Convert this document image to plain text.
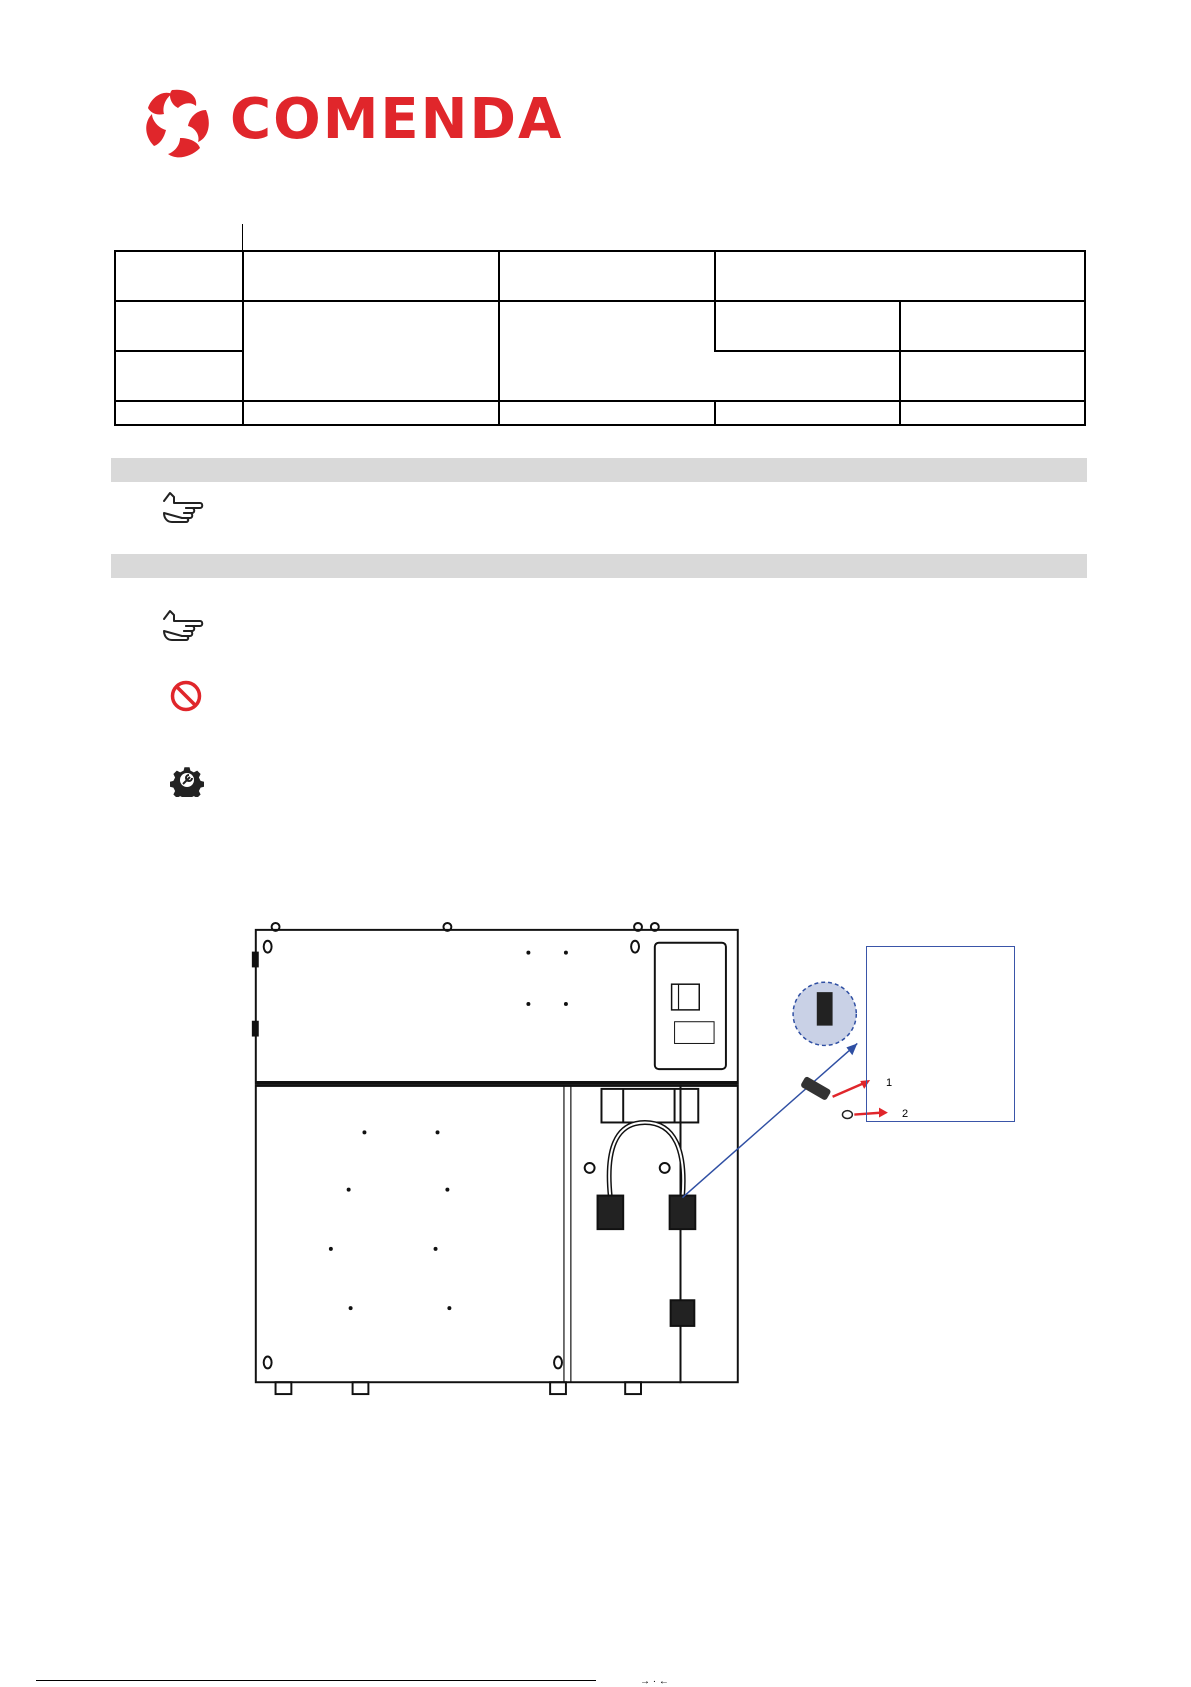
COMENDA

1
2
→ · ←
